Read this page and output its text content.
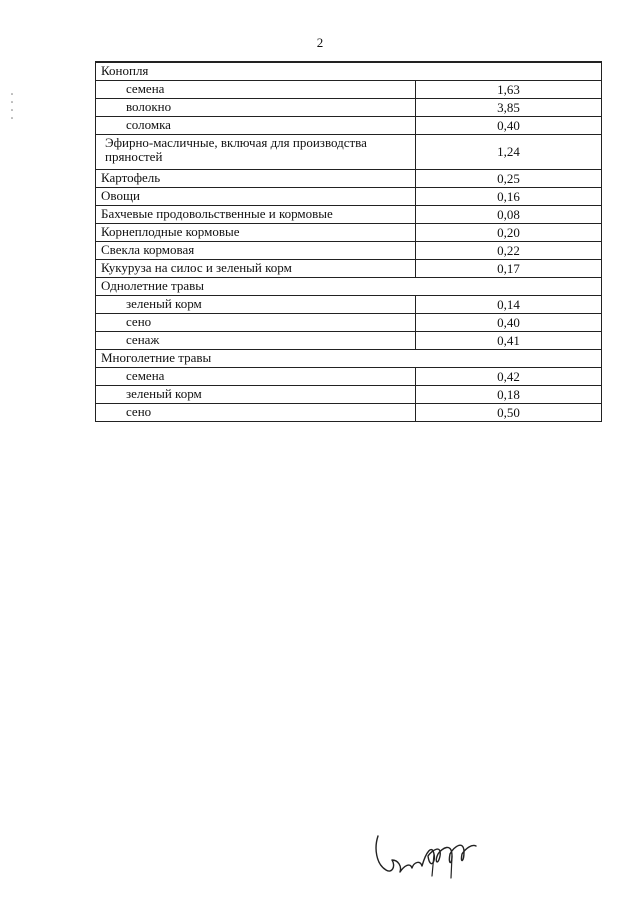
2
Конопля
семена	1,63
волокно	3,85
соломка	0,40
Эфирно-масличные, включая для производства пряностей	1,24
Картофель	0,25
Овощи	0,16
Бахчевые продовольственные и кормовые	0,08
Корнеплодные кормовые	0,20
Свекла кормовая	0,22
Кукуруза на силос и зеленый корм	0,17
Однолетние травы
зеленый корм	0,14
сено	0,40
сенаж	0,41
Многолетние травы
семена	0,42
зеленый корм	0,18
сено	0,50
